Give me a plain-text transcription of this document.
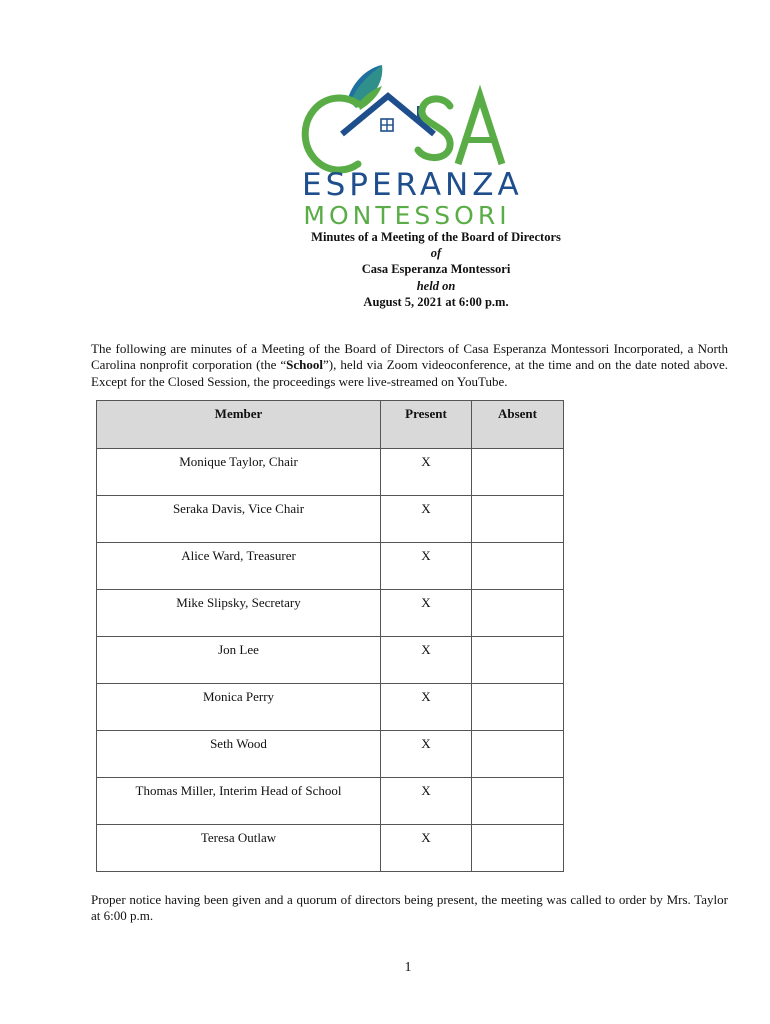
ESPERANZA
MONTESSORI
Minutes of a Meeting of the Board of Directors
of
Casa Esperanza Montessori
held on
August 5, 2021 at 6:00 p.m.

The following are minutes of a Meeting of the Board of Directors of Casa Esperanza Montessori Incorporated, a North Carolina nonprofit corporation (the “School”), held via Zoom videoconference, at the time and on the date noted above. Except for the Closed Session, the proceedings were live-streamed on YouTube.

Member	Present	Absent
Monique Taylor, Chair	X	
Seraka Davis, Vice Chair	X	
Alice Ward, Treasurer	X	
Mike Slipsky, Secretary	X	
Jon Lee	X	
Monica Perry	X	
Seth Wood	X	
Thomas Miller, Interim Head of School	X	
Teresa Outlaw	X	

Proper notice having been given and a quorum of directors being present, the meeting was called to order by Mrs. Taylor at 6:00 p.m.

1
